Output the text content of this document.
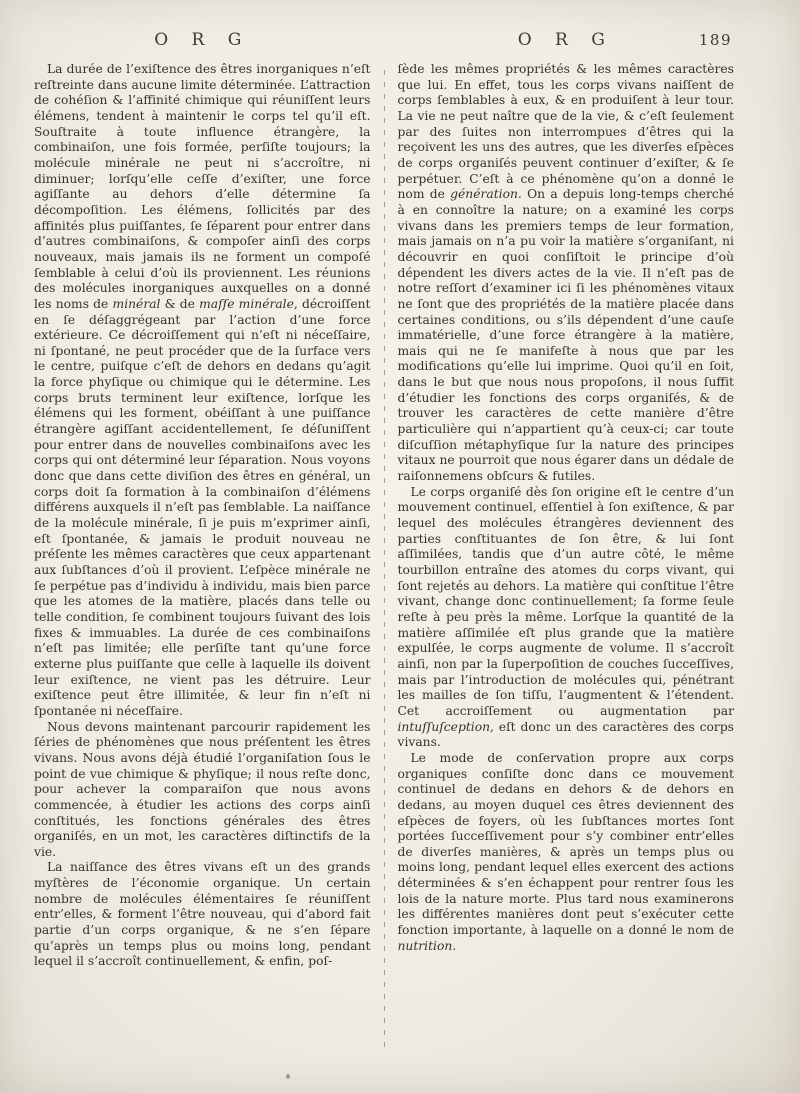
O R G	O R G	189

La durée de l’exiſtence des êtres inorganiques n’eſt reſtreinte dans aucune limite déterminée. L’attraction de cohéſion & l’affinité chimique qui réuniſſent leurs élémens, tendent à maintenir le corps tel qu’il eſt. Souſtraite à toute influence étrangère, la combinaiſon, une fois formée, perſiſte toujours; la molécule minérale ne peut ni s’accroître, ni diminuer; lorſqu’elle ceſſe d’exiſter, une force agiſſante au dehors d’elle détermine ſa décompoſition. Les élémens, ſollicités par des affinités plus puiſſantes, ſe ſéparent pour entrer dans d’autres combinaiſons, & compoſer ainſi des corps nouveaux, mais jamais ils ne forment un compoſé ſemblable à celui d’où ils proviennent. Les réunions des molécules inorganiques auxquelles on a donné les noms de minéral & de maſſe minérale, décroiſſent en ſe déſaggrégeant par l’action d’une force extérieure. Ce décroiſſement qui n’eſt ni néceſſaire, ni ſpontané, ne peut procéder que de la ſurface vers le centre, puiſque c’eſt de dehors en dedans qu’agit la force phyſique ou chimique qui le détermine. Les corps bruts terminent leur exiſtence, lorſque les élémens qui les forment, obéiſſant à une puiſſance étrangère agiſſant accidentellement, ſe déſuniſſent pour entrer dans de nouvelles combinaiſons avec les corps qui ont déterminé leur ſéparation. Nous voyons donc que dans cette diviſion des êtres en général, un corps doit ſa formation à la combinaiſon d’élémens différens auxquels il n’eſt pas ſemblable. La naiſſance de la molécule minérale, ſi je puis m’exprimer ainſi, eſt ſpontanée, & jamais le produit nouveau ne préſente les mêmes caractères que ceux appartenant aux ſubſtances d’où il provient. L’eſpèce minérale ne ſe perpétue pas d’individu à individu, mais bien parce que les atomes de la matière, placés dans telle ou telle condition, ſe combinent toujours ſuivant des lois fixes & immuables. La durée de ces combinaiſons n’eſt pas limitée; elle perſiſte tant qu’une force externe plus puiſſante que celle à laquelle ils doivent leur exiſtence, ne vient pas les détruire. Leur exiſtence peut être illimitée, & leur fin n’eſt ni ſpontanée ni néceſſaire.

Nous devons maintenant parcourir rapidement les ſéries de phénomènes que nous préſentent les êtres vivans. Nous avons déjà étudié l’organiſation ſous le point de vue chimique & phyſique; il nous reſte donc, pour achever la comparaiſon que nous avons commencée, à étudier les actions des corps ainſi conſtitués, les fonctions générales des êtres organiſés, en un mot, les caractères diſtinctifs de la vie.

La naiſſance des êtres vivans eſt un des grands myſtères de l’économie organique. Un certain nombre de molécules élémentaires ſe réuniſſent entr’elles, & forment l’être nouveau, qui d’abord fait partie d’un corps organique, & ne s’en ſépare qu’après un temps plus ou moins long, pendant lequel il s’accroît continuellement, & enfin, poſ-

ſède les mêmes propriétés & les mêmes caractères que lui. En effet, tous les corps vivans naiſſent de corps ſemblables à eux, & en produiſent à leur tour. La vie ne peut naître que de la vie, & c’eſt ſeulement par des ſuites non interrompues d’êtres qui la reçoivent les uns des autres, que les diverſes eſpèces de corps organiſés peuvent continuer d’exiſter, & ſe perpétuer. C’eſt à ce phénomène qu’on a donné le nom de génération. On a depuis long-temps cherché à en connoître la nature; on a examiné les corps vivans dans les premiers temps de leur formation, mais jamais on n’a pu voir la matière s’organiſant, ni découvrir en quoi conſiſtoit le principe d’où dépendent les divers actes de la vie. Il n’eſt pas de notre reſſort d’examiner ici ſi les phénomènes vitaux ne ſont que des propriétés de la matière placée dans certaines conditions, ou s’ils dépendent d’une cauſe immatérielle, d’une force étrangère à la matière, mais qui ne ſe manifeſte à nous que par les modifications qu’elle lui imprime. Quoi qu’il en ſoit, dans le but que nous nous propoſons, il nous ſuffit d’étudier les fonctions des corps organiſés, & de trouver les caractères de cette manière d’être particulière qui n’appartient qu’à ceux-ci; car toute diſcuſſion métaphyſique ſur la nature des principes vitaux ne pourroit que nous égarer dans un dédale de raiſonnemens obſcurs & futiles.

Le corps organiſé dès ſon origine eſt le centre d’un mouvement continuel, eſſentiel à ſon exiſtence, & par lequel des molécules étrangères deviennent des parties conſtituantes de ſon être, & lui ſont aſſimilées, tandis que d’un autre côté, le même tourbillon entraîne des atomes du corps vivant, qui ſont rejetés au dehors. La matière qui conſtitue l’être vivant, change donc continuellement; ſa forme ſeule reſte à peu près la même. Lorſque la quantité de la matière aſſimilée eſt plus grande que la matière expulſée, le corps augmente de volume. Il s’accroît ainſi, non par la ſuperpoſition de couches ſucceſſives, mais par l’introduction de molécules qui, pénétrant les mailles de ſon tiſſu, l’augmentent & l’étendent. Cet accroiſſement ou augmentation par intuſſuſception, eſt donc un des caractères des corps vivans.

Le mode de conſervation propre aux corps organiques conſiſte donc dans ce mouvement continuel de dedans en dehors & de dehors en dedans, au moyen duquel ces êtres deviennent des eſpèces de foyers, où les ſubſtances mortes ſont portées ſucceſſivement pour s’y combiner entr’elles de diverſes manières, & après un temps plus ou moins long, pendant lequel elles exercent des actions déterminées & s’en échappent pour rentrer ſous les lois de la nature morte. Plus tard nous examinerons les différentes manières dont peut s’exécuter cette fonction importante, à laquelle on a donné le nom de nutrition.
